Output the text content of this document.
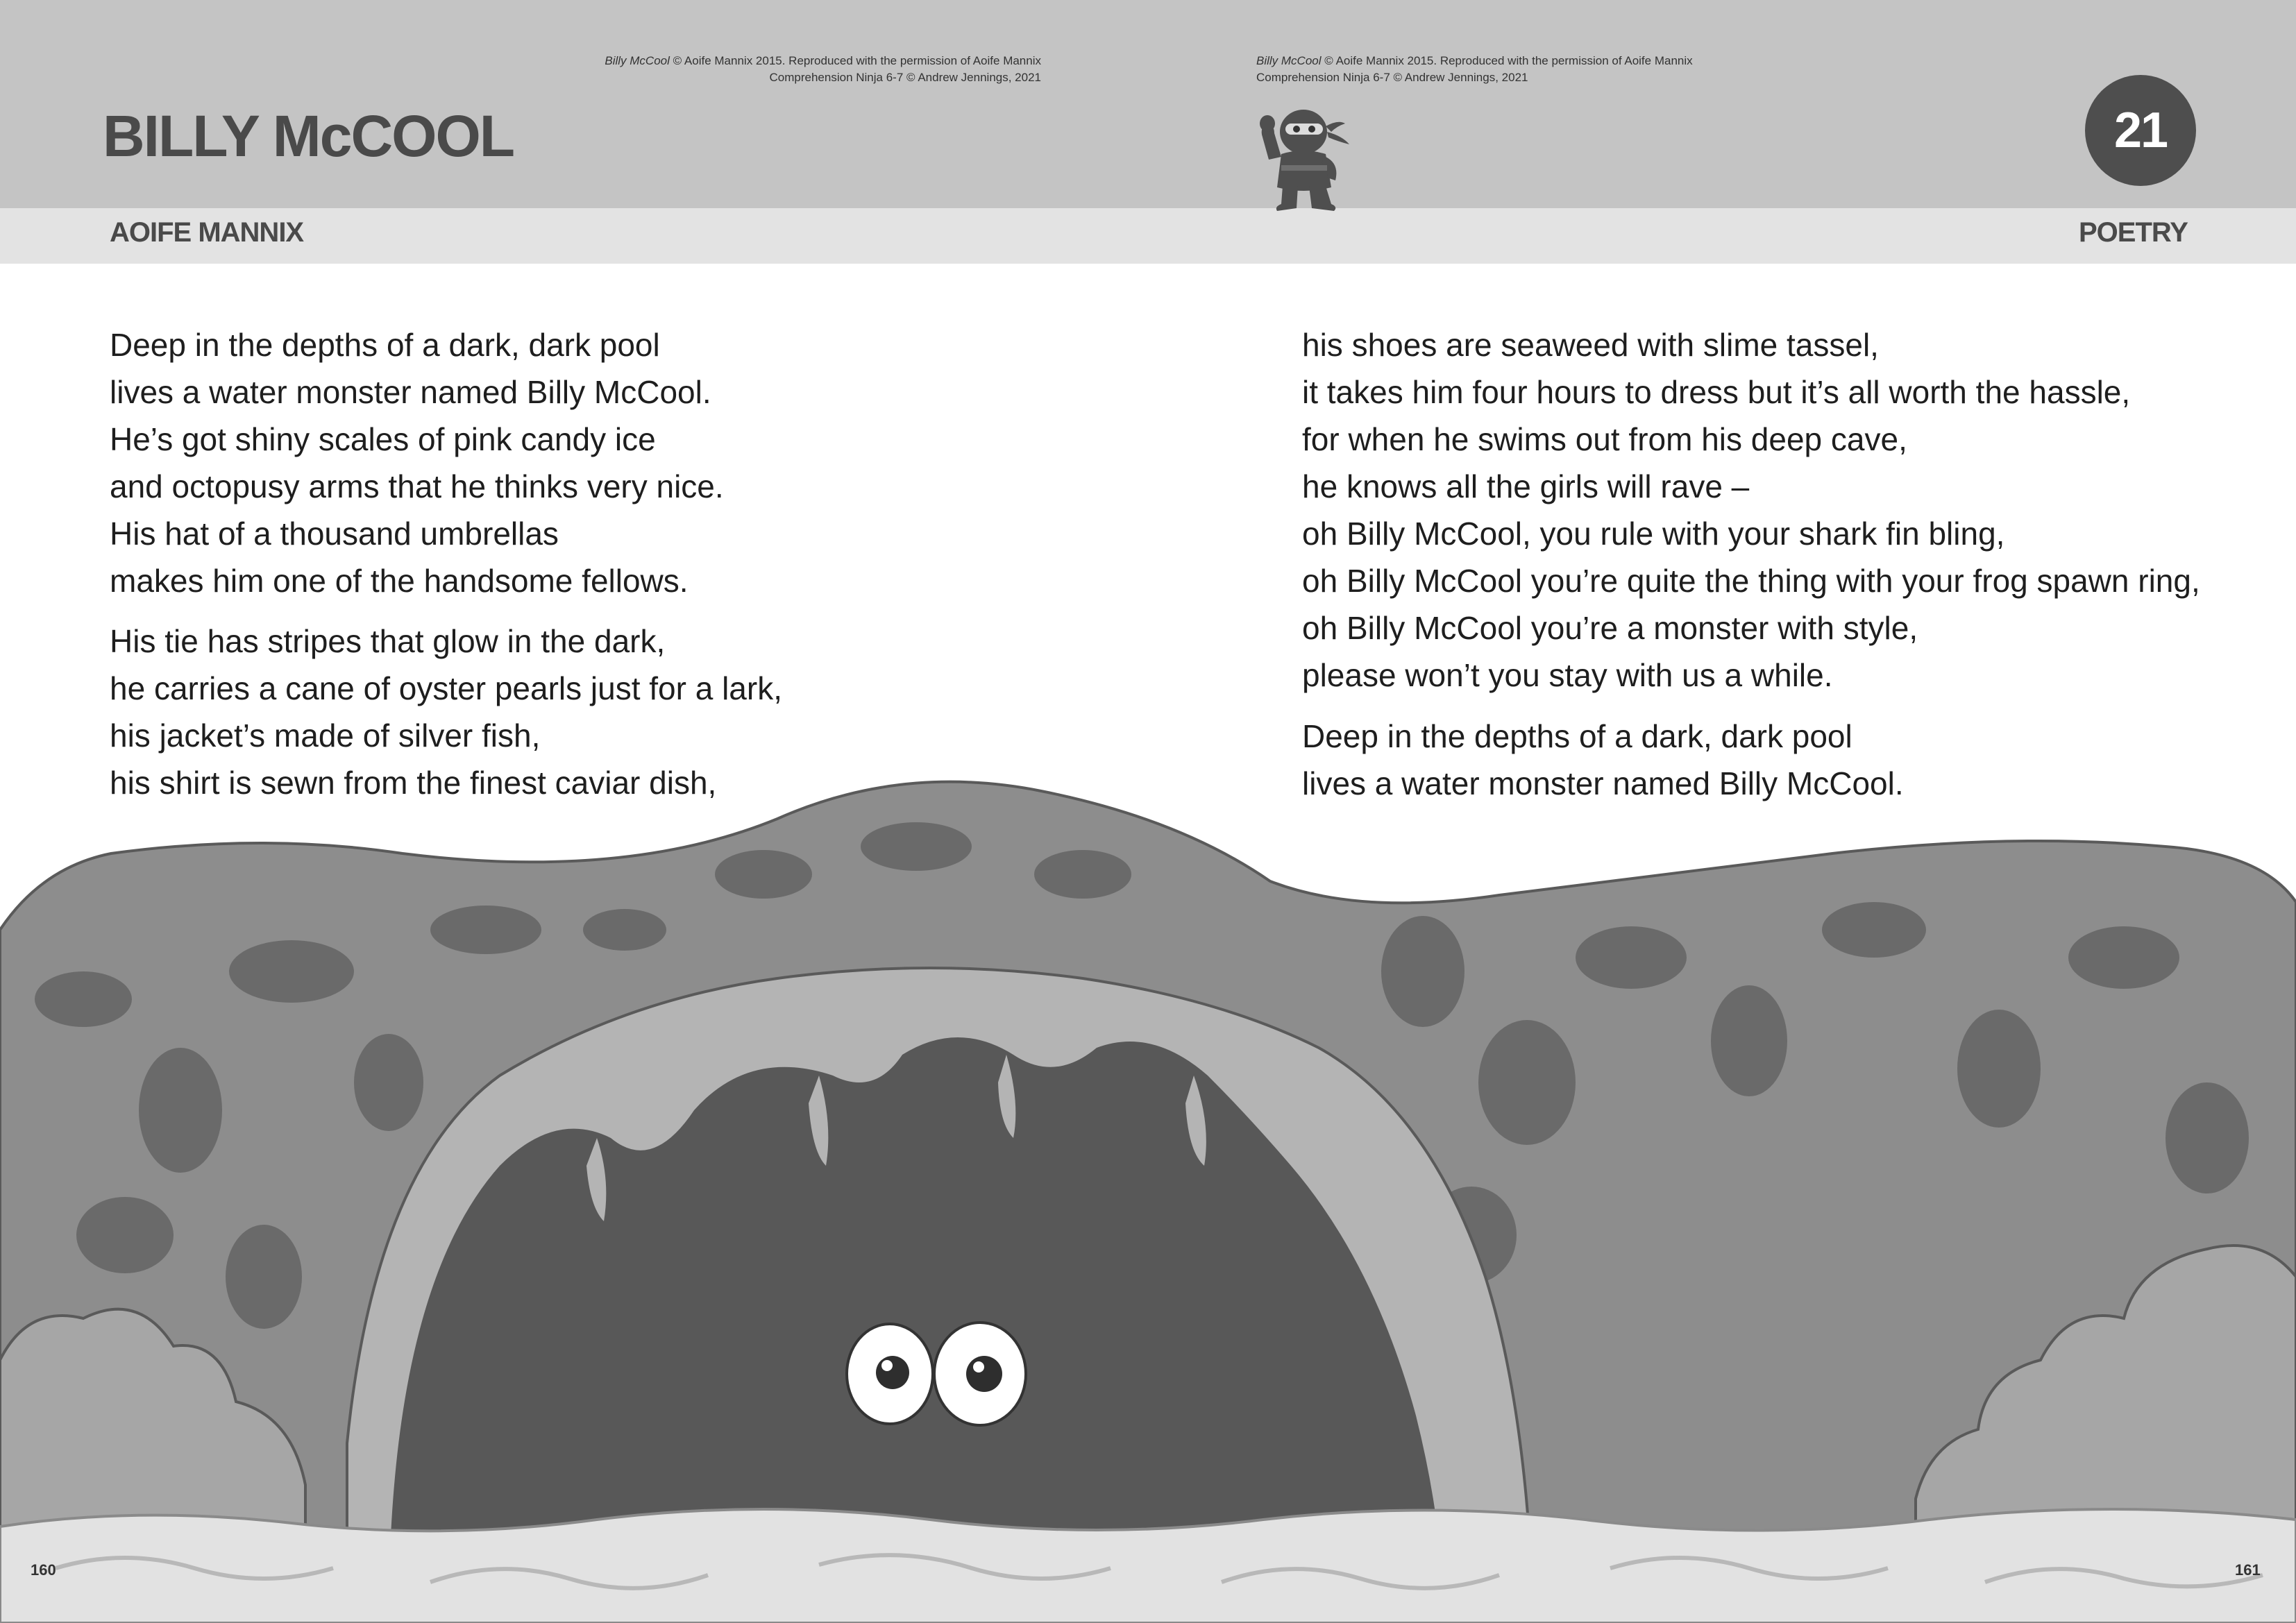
Billy McCool © Aoife Mannix 2015. Reproduced with the permission of Aoife Mannix
Comprehension Ninja 6-7 © Andrew Jennings, 2021
Billy McCool © Aoife Mannix 2015. Reproduced with the permission of Aoife Mannix
Comprehension Ninja 6-7 © Andrew Jennings, 2021
BILLY McCOOL
AOIFE MANNIX	POETRY
21
Deep in the depths of a dark, dark pool
lives a water monster named Billy McCool.
He’s got shiny scales of pink candy ice
and octopusy arms that he thinks very nice.
His hat of a thousand umbrellas
makes him one of the handsome fellows.
His tie has stripes that glow in the dark,
he carries a cane of oyster pearls just for a lark,
his jacket’s made of silver fish,
his shirt is sewn from the finest caviar dish,
his shoes are seaweed with slime tassel,
it takes him four hours to dress but it’s all worth the hassle,
for when he swims out from his deep cave,
he knows all the girls will rave –
oh Billy McCool, you rule with your shark fin bling,
oh Billy McCool you’re quite the thing with your frog spawn ring,
oh Billy McCool you’re a monster with style,
please won’t you stay with us a while.
Deep in the depths of a dark, dark pool
lives a water monster named Billy McCool.
160	161
